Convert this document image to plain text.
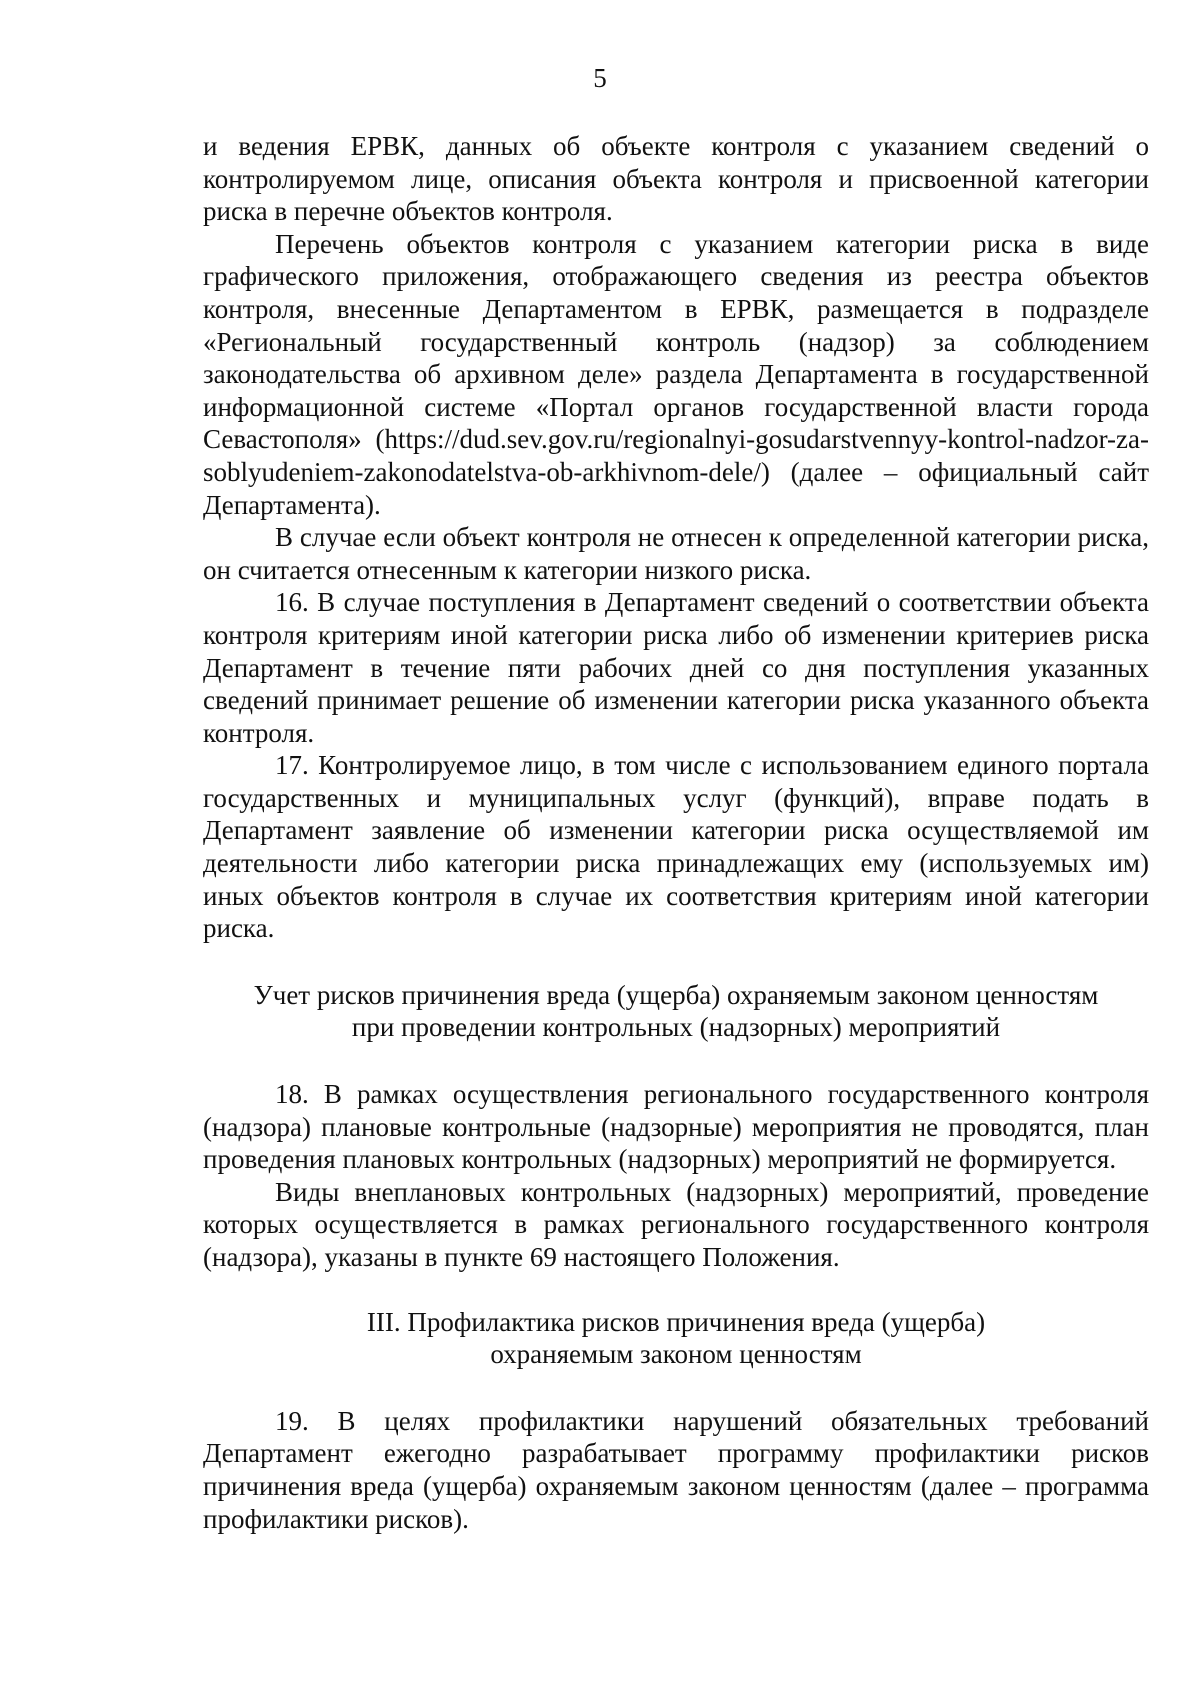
5

и ведения ЕРВК, данных об объекте контроля с указанием сведений о контролируемом лице, описания объекта контроля и присвоенной категории риска в перечне объектов контроля.

Перечень объектов контроля с указанием категории риска в виде графического приложения, отображающего сведения из реестра объектов контроля, внесенные Департаментом в ЕРВК, размещается в подразделе «Региональный государственный контроль (надзор) за соблюдением законодательства об архивном деле» раздела Департамента в государственной информационной системе «Портал органов государственной власти города Севастополя» (https://dud.sev.gov.ru/regionalnyi-gosudarstvennyy-kontrol-nadzor-za-soblyudeniem-zakonodatelstva-ob-arkhivnom-dele/) (далее – официальный сайт Департамента).

В случае если объект контроля не отнесен к определенной категории риска, он считается отнесенным к категории низкого риска.

16. В случае поступления в Департамент сведений о соответствии объекта контроля критериям иной категории риска либо об изменении критериев риска Департамент в течение пяти рабочих дней со дня поступления указанных сведений принимает решение об изменении категории риска указанного объекта контроля.

17. Контролируемое лицо, в том числе с использованием единого портала государственных и муниципальных услуг (функций), вправе подать в Департамент заявление об изменении категории риска осуществляемой им деятельности либо категории риска принадлежащих ему (используемых им) иных объектов контроля в случае их соответствия критериям иной категории риска.

Учет рисков причинения вреда (ущерба) охраняемым законом ценностям
при проведении контрольных (надзорных) мероприятий

18. В рамках осуществления регионального государственного контроля (надзора) плановые контрольные (надзорные) мероприятия не проводятся, план проведения плановых контрольных (надзорных) мероприятий не формируется.

Виды внеплановых контрольных (надзорных) мероприятий, проведение которых осуществляется в рамках регионального государственного контроля (надзора), указаны в пункте 69 настоящего Положения.

III. Профилактика рисков причинения вреда (ущерба)
охраняемым законом ценностям

19. В целях профилактики нарушений обязательных требований Департамент ежегодно разрабатывает программу профилактики рисков причинения вреда (ущерба) охраняемым законом ценностям (далее – программа профилактики рисков).
